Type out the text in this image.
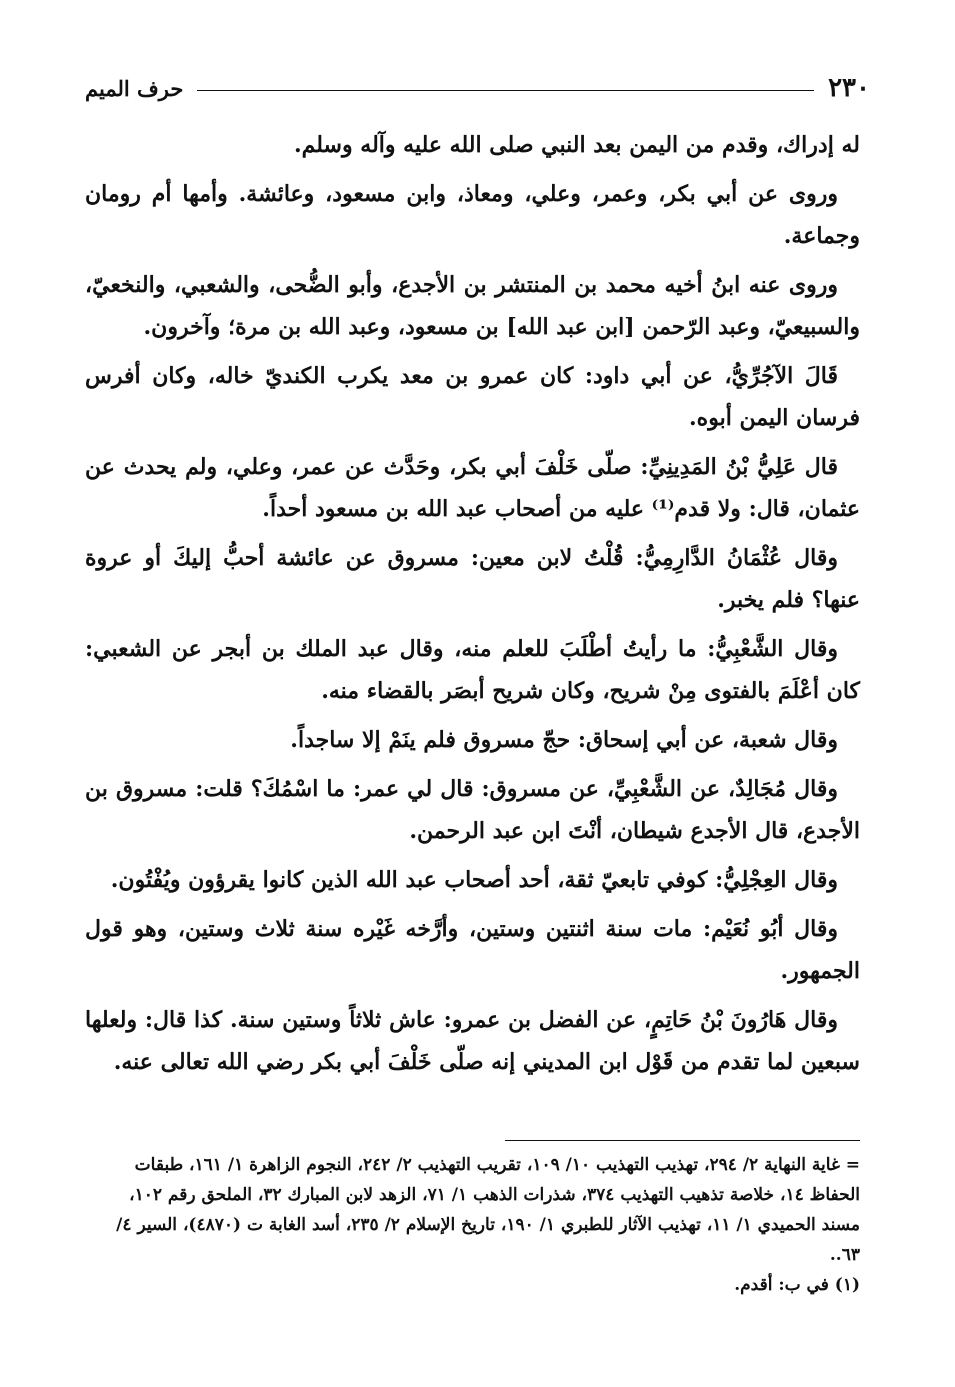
٢٣٠
حرف الميم

له إدراك، وقدم من اليمن بعد النبي صلى الله عليه وآله وسلم.

وروى عن أبي بكر، وعمر، وعلي، ومعاذ، وابن مسعود، وعائشة. وأمها أم رومان وجماعة.

وروى عنه ابنُ أخيه محمد بن المنتشر بن الأجدع، وأبو الضُّحى، والشعبي، والنخعيّ، والسبيعيّ، وعبد الرّحمن [ابن عبد الله] بن مسعود، وعبد الله بن مرة؛ وآخرون.

قَالَ الآجُرِّيُّ، عن أبي داود: كان عمرو بن معد يكرب الكنديّ خاله، وكان أفرس فرسان اليمن أبوه.

قال عَلِيُّ بْنُ المَدِينِيِّ: صلّى خَلْفَ أبي بكر، وحَدَّث عن عمر، وعلي، ولم يحدث عن عثمان، قال: ولا قدم⁽¹⁾ عليه من أصحاب عبد الله بن مسعود أحداً.

وقال عُثْمَانُ الدَّارِمِيُّ: قُلْتُ لابن معين: مسروق عن عائشة أحبُّ إليكَ أو عروة عنها؟ فلم يخبر.

وقال الشَّعْبِيُّ: ما رأيتُ أطْلَبَ للعلم منه، وقال عبد الملك بن أبجر عن الشعبي: كان أعْلَمَ بالفتوى مِنْ شريح، وكان شريح أبصَر بالقضاء منه.

وقال شعبة، عن أبي إسحاق: حجّ مسروق فلم ينَمْ إلا ساجداً.

وقال مُجَالِدٌ، عن الشَّعْبِيِّ، عن مسروق: قال لي عمر: ما اسْمُكَ؟ قلت: مسروق بن الأجدع، قال الأجدع شيطان، أنْتَ ابن عبد الرحمن.

وقال العِجْلِيُّ: كوفي تابعيّ ثقة، أحد أصحاب عبد الله الذين كانوا يقرؤون ويُفْتُون.

وقال أبُو نُعَيْم: مات سنة اثنتين وستين، وأرَّخه غَيْره سنة ثلاث وستين، وهو قول الجمهور.

وقال هَارُونَ بْنُ حَاتِمٍ، عن الفضل بن عمرو: عاش ثلاثاً وستين سنة. كذا قال: ولعلها سبعين لما تقدم من قَوْل ابن المديني إنه صلّى خَلْفَ أبي بكر رضي الله تعالى عنه.

= غاية النهاية ٢/ ٢٩٤، تهذيب التهذيب ١٠/ ١٠٩، تقريب التهذيب ٢/ ٢٤٢، النجوم الزاهرة ١/ ١٦١، طبقات الحفاظ ١٤، خلاصة تذهيب التهذيب ٣٧٤، شذرات الذهب ١/ ٧١، الزهد لابن المبارك ٣٢، الملحق رقم ١٠٢، مسند الحميدي ١/ ١١، تهذيب الآثار للطبري ١/ ١٩٠، تاريخ الإسلام ٢/ ٢٣٥، أسد الغابة ت (٤٨٧٠)، السير ٤/ ٦٣..

(١) في ب: أقدم.
